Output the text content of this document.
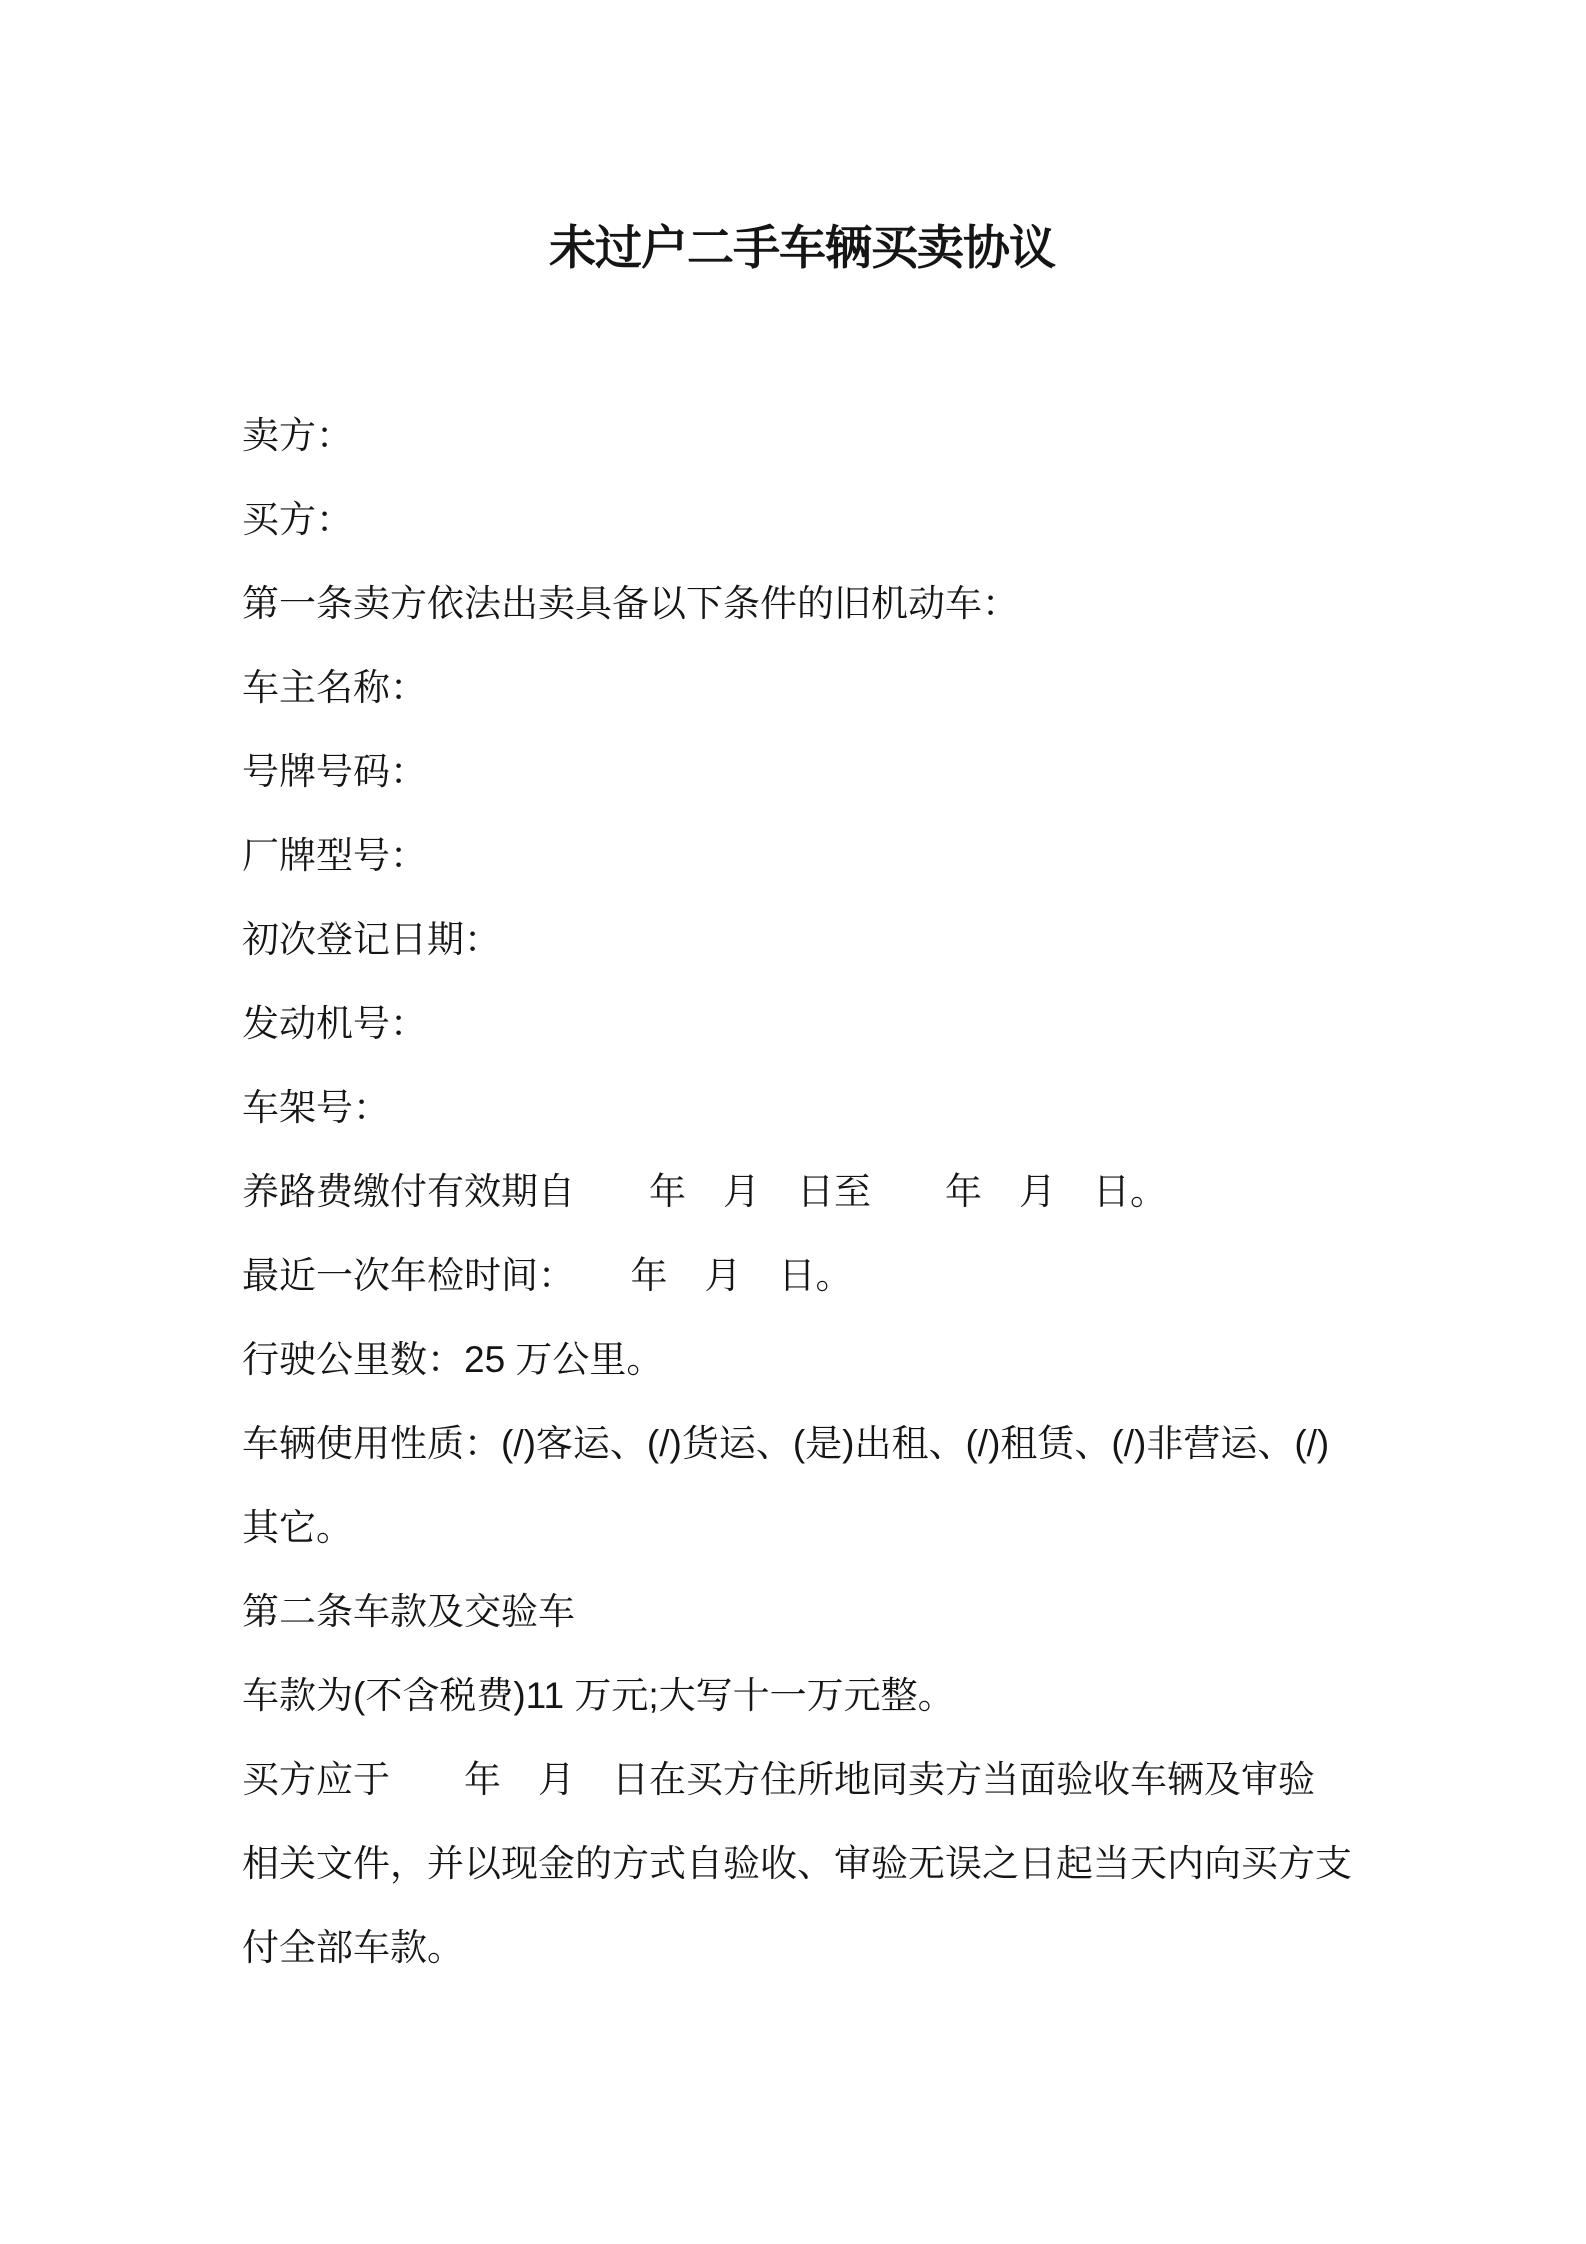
未过户二手车辆买卖协议
卖方：
买方：
第一条卖方依法出卖具备以下条件的旧机动车：
车主名称：
号牌号码：
厂牌型号：
初次登记日期：
发动机号：
车架号：
养路费缴付有效期自　　年　月　日至　　年　月　日。
最近一次年检时间：　　年　月　日。
行驶公里数：25 万公里。
车辆使用性质：(/)客运、(/)货运、(是)出租、(/)租赁、(/)非营运、(/)
其它。
第二条车款及交验车
车款为(不含税费)11 万元;大写十一万元整。
买方应于　　年　月　日在买方住所地同卖方当面验收车辆及审验
相关文件，并以现金的方式自验收、审验无误之日起当天内向买方支
付全部车款。
